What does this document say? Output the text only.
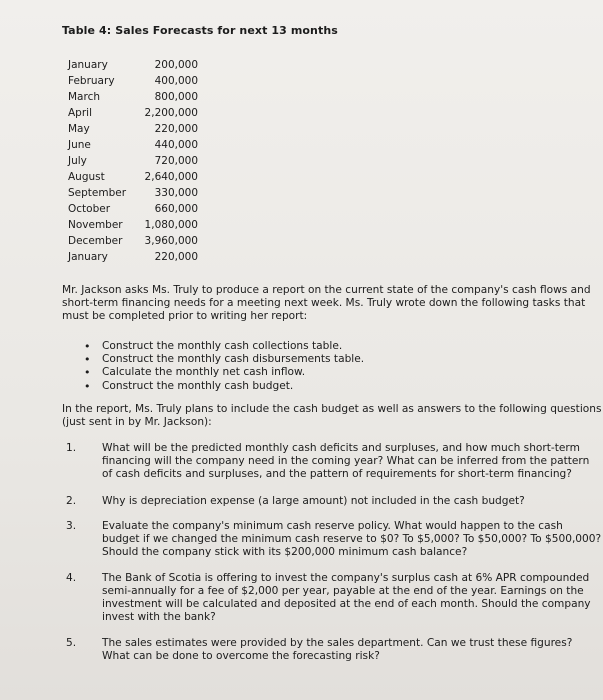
Table 4: Sales Forecasts for next 13 months
January	200,000
February	400,000
March	800,000
April	2,200,000
May	220,000
June	440,000
July	720,000
August	2,640,000
September	330,000
October	660,000
November 1,080,000
December 3,960,000
January	220,000
Mr. Jackson asks Ms. Truly to produce a report on the current state of the company's cash flows and short-term financing needs for a meeting next week. Ms. Truly wrote down the following tasks that must be completed prior to writing her report:
• Construct the monthly cash collections table.
• Construct the monthly cash disbursements table.
• Calculate the monthly net cash inflow.
• Construct the monthly cash budget.
In the report, Ms. Truly plans to include the cash budget as well as answers to the following questions (just sent in by Mr. Jackson):
1. What will be the predicted monthly cash deficits and surpluses, and how much short-term financing will the company need in the coming year? What can be inferred from the pattern of cash deficits and surpluses, and the pattern of requirements for short-term financing?
2. Why is depreciation expense (a large amount) not included in the cash budget?
3. Evaluate the company's minimum cash reserve policy. What would happen to the cash budget if we changed the minimum cash reserve to $0? To $5,000? To $50,000? To $500,000? Should the company stick with its $200,000 minimum cash balance?
4. The Bank of Scotia is offering to invest the company's surplus cash at 6% APR compounded semi-annually for a fee of $2,000 per year, payable at the end of the year. Earnings on the investment will be calculated and deposited at the end of each month. Should the company invest with the bank?
5. The sales estimates were provided by the sales department. Can we trust these figures? What can be done to overcome the forecasting risk?
